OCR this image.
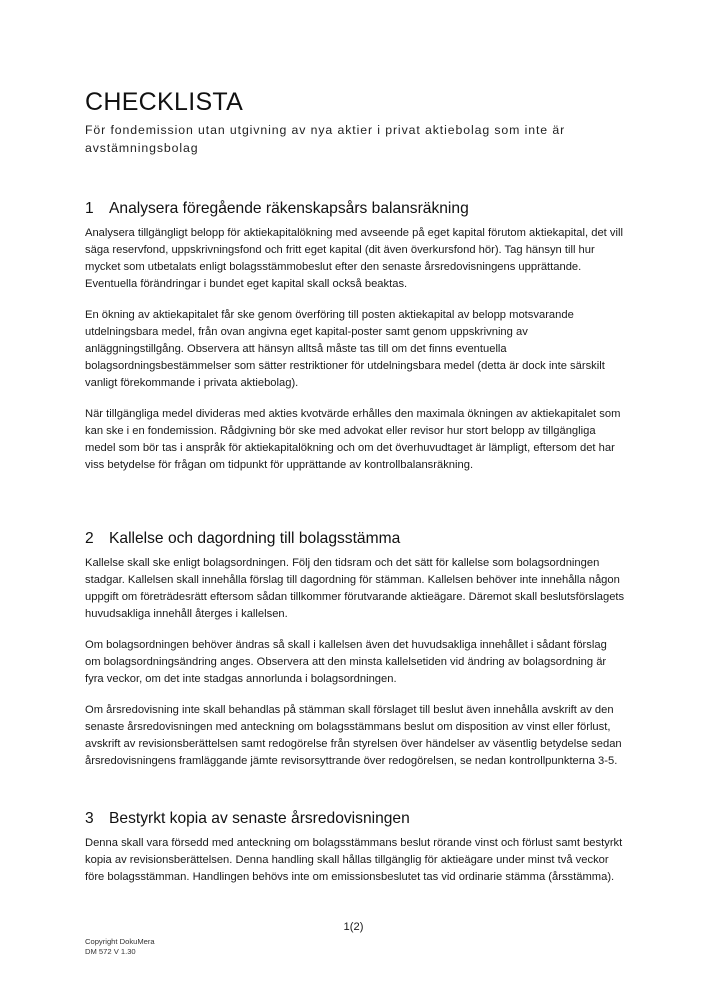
CHECKLISTA

För fondemission utan utgivning av nya aktier i privat aktiebolag som inte är avstämningsbolag

1 Analysera föregående räkenskapsårs balansräkning

Analysera tillgängligt belopp för aktiekapitalökning med avseende på eget kapital förutom aktiekapital, det vill säga reservfond, uppskrivningsfond och fritt eget kapital (dit även överkursfond hör). Tag hänsyn till hur mycket som utbetalats enligt bolagsstämmobeslut efter den senaste årsredovisningens upprättande. Eventuella förändringar i bundet eget kapital skall också beaktas.

En ökning av aktiekapitalet får ske genom överföring till posten aktiekapital av belopp motsvarande utdelningsbara medel, från ovan angivna eget kapital-poster samt genom uppskrivning av anläggningstillgång. Observera att hänsyn alltså måste tas till om det finns eventuella bolagsordningsbestämmelser som sätter restriktioner för utdelningsbara medel (detta är dock inte särskilt vanligt förekommande i privata aktiebolag).

När tillgängliga medel divideras med akties kvotvärde erhålles den maximala ökningen av aktiekapitalet som kan ske i en fondemission. Rådgivning bör ske med advokat eller revisor hur stort belopp av tillgängliga medel som bör tas i anspråk för aktiekapitalökning och om det överhuvudtaget är lämpligt, eftersom det har viss betydelse för frågan om tidpunkt för upprättande av kontrollbalansräkning.

2 Kallelse och dagordning till bolagsstämma

Kallelse skall ske enligt bolagsordningen. Följ den tidsram och det sätt för kallelse som bolagsordningen stadgar. Kallelsen skall innehålla förslag till dagordning för stämman. Kallelsen behöver inte innehålla någon uppgift om företrädesrätt eftersom sådan tillkommer förutvarande aktieägare. Däremot skall beslutsförslagets huvudsakliga innehåll återges i kallelsen.

Om bolagsordningen behöver ändras så skall i kallelsen även det huvudsakliga innehållet i sådant förslag om bolagsordningsändring anges. Observera att den minsta kallelsetiden vid ändring av bolagsordning är fyra veckor, om det inte stadgas annorlunda i bolagsordningen.

Om årsredovisning inte skall behandlas på stämman skall förslaget till beslut även innehålla avskrift av den senaste årsredovisningen med anteckning om bolagsstämmans beslut om disposition av vinst eller förlust, avskrift av revisionsberättelsen samt redogörelse från styrelsen över händelser av väsentlig betydelse sedan årsredovisningens framläggande jämte revisorsyttrande över redogörelsen, se nedan kontrollpunkterna 3-5.

3 Bestyrkt kopia av senaste årsredovisningen

Denna skall vara försedd med anteckning om bolagsstämmans beslut rörande vinst och förlust samt bestyrkt kopia av revisionsberättelsen. Denna handling skall hållas tillgänglig för aktieägare under minst två veckor före bolagsstämman. Handlingen behövs inte om emissionsbeslutet tas vid ordinarie stämma (årsstämma).

1(2)
Copyright DokuMera
DM 572 V 1.30
